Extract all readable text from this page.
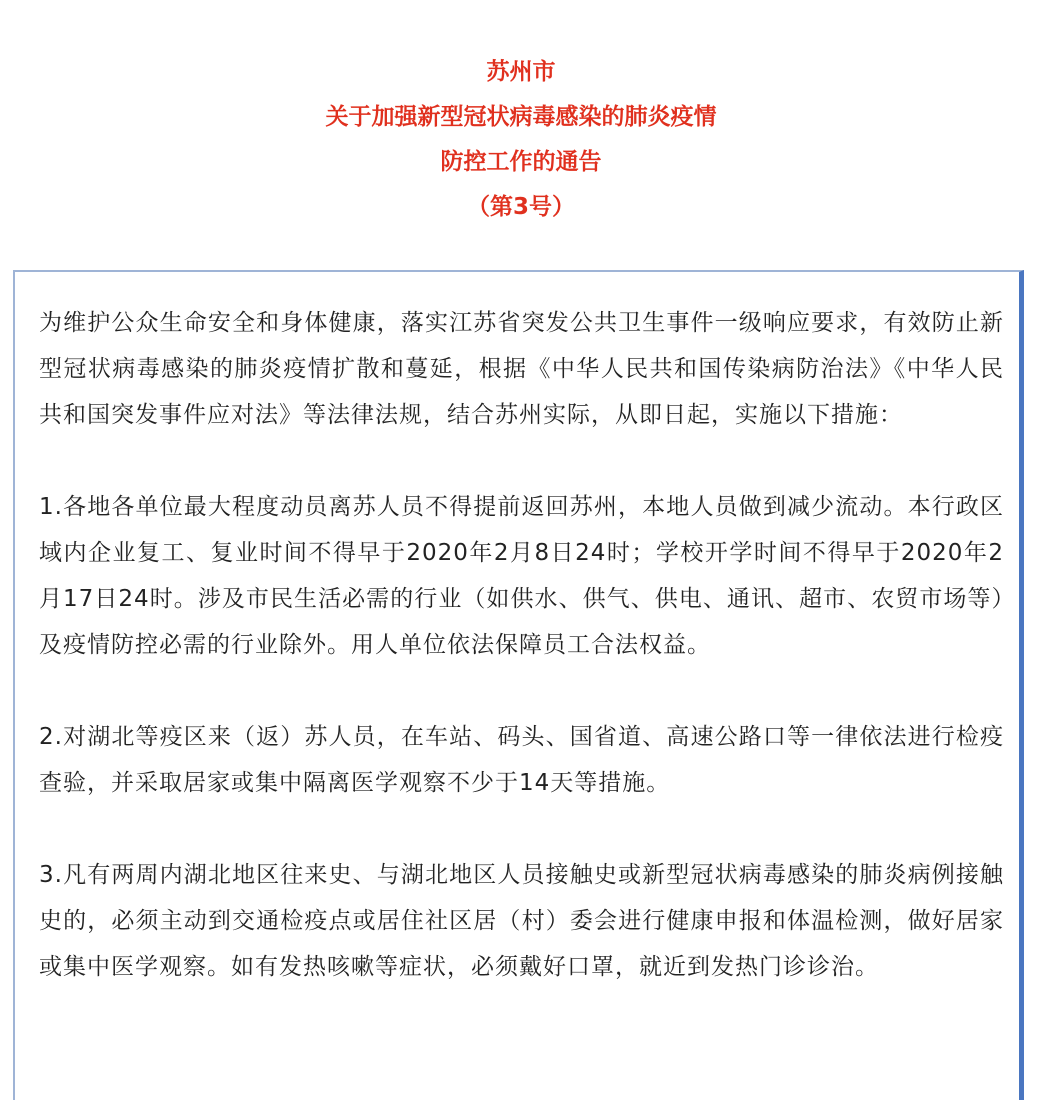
苏州市
关于加强新型冠状病毒感染的肺炎疫情
防控工作的通告
（第3号）

为维护公众生命安全和身体健康，落实江苏省突发公共卫生事件一级响应要求，有效防止新型冠状病毒感染的肺炎疫情扩散和蔓延，根据《中华人民共和国传染病防治法》《中华人民共和国突发事件应对法》等法律法规，结合苏州实际，从即日起，实施以下措施：

1.各地各单位最大程度动员离苏人员不得提前返回苏州，本地人员做到减少流动。本行政区域内企业复工、复业时间不得早于2020年2月8日24时；学校开学时间不得早于2020年2月17日24时。涉及市民生活必需的行业（如供水、供气、供电、通讯、超市、农贸市场等）及疫情防控必需的行业除外。用人单位依法保障员工合法权益。

2.对湖北等疫区来（返）苏人员，在车站、码头、国省道、高速公路口等一律依法进行检疫查验，并采取居家或集中隔离医学观察不少于14天等措施。

3.凡有两周内湖北地区往来史、与湖北地区人员接触史或新型冠状病毒感染的肺炎病例接触史的，必须主动到交通检疫点或居住社区居（村）委会进行健康申报和体温检测，做好居家或集中医学观察。如有发热咳嗽等症状，必须戴好口罩，就近到发热门诊诊治。
